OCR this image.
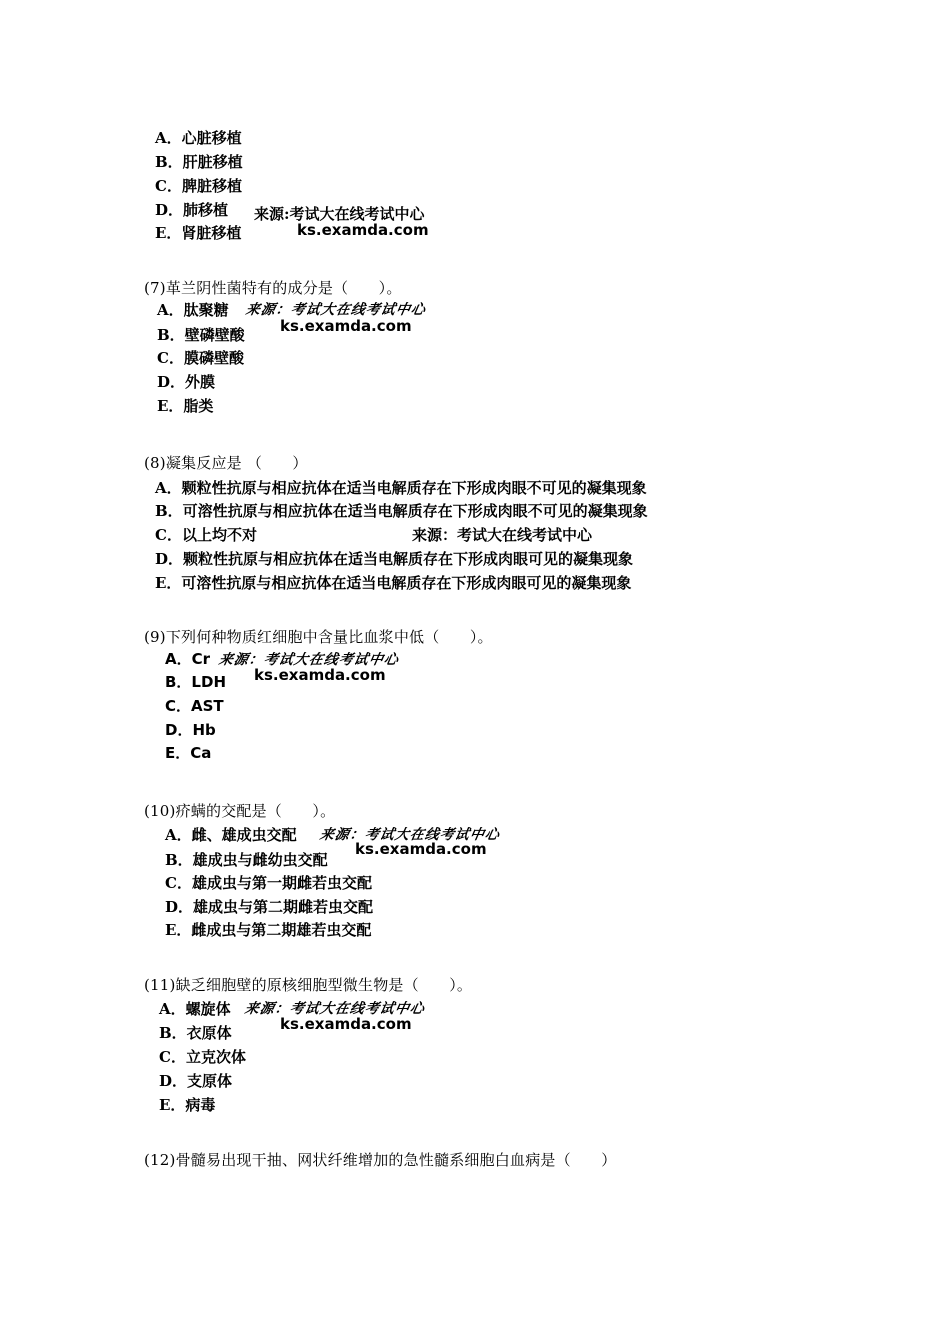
A．心脏移植
B．肝脏移植
C．脾脏移植
D．肺移植
E．肾脏移植
来源:考试大在线考试中心
ks.examda.com
(7)革兰阴性菌特有的成分是（　　）。
A．肽聚糖
B．壁磷壁酸
C．膜磷壁酸
D．外膜
E．脂类
来源：考试大在线考试中心
ks.examda.com
(8)凝集反应是 （　　）
A．颗粒性抗原与相应抗体在适当电解质存在下形成肉眼不可见的凝集现象
B．可溶性抗原与相应抗体在适当电解质存在下形成肉眼不可见的凝集现象
C．以上均不对
D．颗粒性抗原与相应抗体在适当电解质存在下形成肉眼可见的凝集现象
E．可溶性抗原与相应抗体在适当电解质存在下形成肉眼可见的凝集现象
来源：考试大在线考试中心
(9)下列何种物质红细胞中含量比血浆中低（　　）。
A．Cr
B．LDH
C．AST
D．Hb
E．Ca
来源：考试大在线考试中心
ks.examda.com
(10)疥螨的交配是（　　）。
A．雌、雄成虫交配
B．雄成虫与雌幼虫交配
C．雄成虫与第一期雌若虫交配
D．雄成虫与第二期雌若虫交配
E．雌成虫与第二期雄若虫交配
来源：考试大在线考试中心
ks.examda.com
(11)缺乏细胞壁的原核细胞型微生物是（　　）。
A．螺旋体
B．衣原体
C．立克次体
D．支原体
E．病毒
来源：考试大在线考试中心
ks.examda.com
(12)骨髓易出现干抽、网状纤维增加的急性髓系细胞白血病是（　　）
